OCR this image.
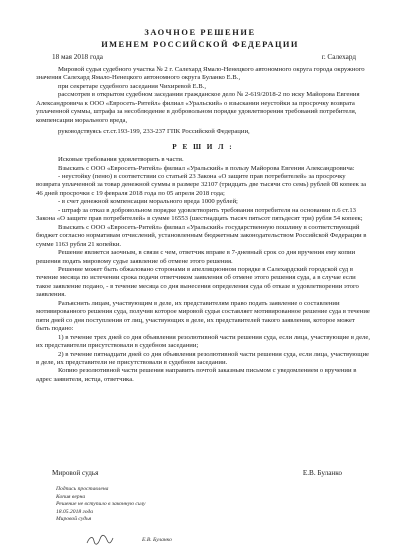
ЗАОЧНОЕ РЕШЕНИЕ
ИМЕНЕМ РОССИЙСКОЙ ФЕДЕРАЦИИ
18 мая 2018 года	г. Салехард

Мировой судья судебного участка № 2 г. Салехард Ямало-Ненецкого автономного округа города окружного значения Салехард Ямало-Ненецкого автономного округа Буланко Е.В.,

при секретаре судебного заседания Чихиревой Е.В.,

рассмотрев в открытом судебном заседании гражданское дело № 2-619/2018-2 по иску Майорова Евгения Александровича к ООО «Евросеть-Ритейл» филиал «Уральский» о взыскании неустойки за просрочку возврата уплаченной суммы, штрафа за несоблюдение в добровольном порядке удовлетворения требований потребителя, компенсации морального вреда,

руководствуясь ст.ст.193-199, 233-237 ГПК Российской Федерации,

Р Е Ш И Л :

Исковые требования удовлетворить в части.

Взыскать с ООО «Евросеть-Ритейл» филиал «Уральский» в пользу Майорова Евгения Александровича:

- неустойку (пеню) в соответствии со статьей 23 Закона «О защите прав потребителей» за просрочку возврата уплаченной за товар денежной суммы в размере 32107 (тридцать две тысячи сто семь) рублей 08 копеек за 46 дней просрочки с 19 февраля 2018 года по 05 апреля 2018 года;

- в счет денежной компенсации морального вреда 1000 рублей;

- штраф за отказ в добровольном порядке удовлетворить требования потребителя на основании п.6 ст.13 Закона «О защите прав потребителей» в сумме 16553 (шестнадцать тысяч пятьсот пятьдесят три) рубля 54 копеек;

Взыскать с ООО «Евросеть-Ритейл» филиал «Уральский» государственную пошлину в соответствующий бюджет согласно нормативам отчислений, установленным бюджетным законодательством Российской Федерации в сумме 1163 рубля 21 копейки.

Решение является заочным, в связи с чем, ответчик вправе в 7-дневный срок со дня вручения ему копии решения подать мировому судье заявление об отмене этого решения.

Решение может быть обжаловано сторонами в апелляционном порядке в Салехардский городской суд в течение месяца по истечении срока подачи ответчиком заявления об отмене этого решения суда, а в случае если такое заявление подано, - в течение месяца со дня вынесения определения суда об отказе в удовлетворении этого заявления.

Разъяснить лицам, участвующим в деле, их представителям право подать заявление о составлении мотивированного решения суда, получив которое мировой судья составляет мотивированное решение суда в течение пяти дней со дня поступления от лиц, участвующих в деле, их представителей такого заявления, которое может быть подано:

1) в течение трех дней со дня объявления резолютивной части решения суда, если лица, участвующие в деле, их представители присутствовали в судебном заседании;

2) в течение пятнадцати дней со дня объявления резолютивной части решения суда, если лица, участвующие в деле, их представители не присутствовали в судебном заседании.

Копию резолютивной части решения направить почтой заказным письмом с уведомлением о вручении в адрес заявителя, истца, ответчика.

Мировой судья	Е.В. Буланко

Подпись проставлена

Копия верна

Решение не вступило в законную силу

18.05.2018 года

Мировой судья

Е.В. Буланко
